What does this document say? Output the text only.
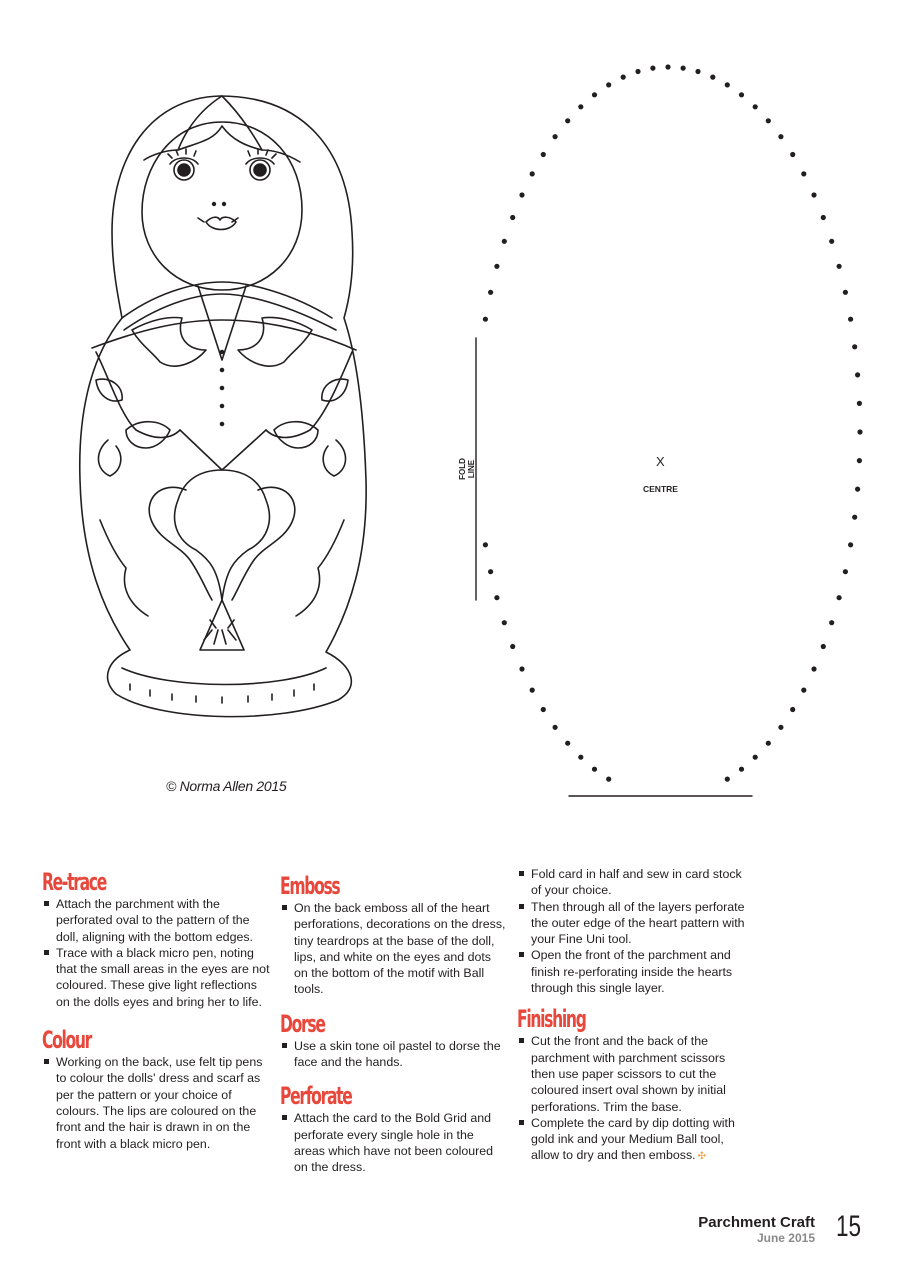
© Norma Allen 2015
FOLD LINE	X
CENTRE
Re-trace
Attach the parchment with the perforated oval to the pattern of the doll, aligning with the bottom edges.
Trace with a black micro pen, noting that the small areas in the eyes are not coloured. These give light reflections on the dolls eyes and bring her to life.
Colour
Working on the back, use felt tip pens to colour the dolls' dress and scarf as per the pattern or your choice of colours. The lips are coloured on the front and the hair is drawn in on the front with a black micro pen.
Emboss
On the back emboss all of the heart perforations, decorations on the dress, tiny teardrops at the base of the doll, lips, and white on the eyes and dots on the bottom of the motif with Ball tools.
Dorse
Use a skin tone oil pastel to dorse the face and the hands.
Perforate
Attach the card to the Bold Grid and perforate every single hole in the areas which have not been coloured on the dress.
Fold card in half and sew in card stock of your choice.
Then through all of the layers perforate the outer edge of the heart pattern with your Fine Uni tool.
Open the front of the parchment and finish re-perforating inside the hearts through this single layer.
Finishing
Cut the front and the back of the parchment with parchment scissors then use paper scissors to cut the coloured insert oval shown by initial perforations. Trim the base.
Complete the card by dip dotting with gold ink and your Medium Ball tool, allow to dry and then emboss. ✣
Parchment Craft
June 2015 15
